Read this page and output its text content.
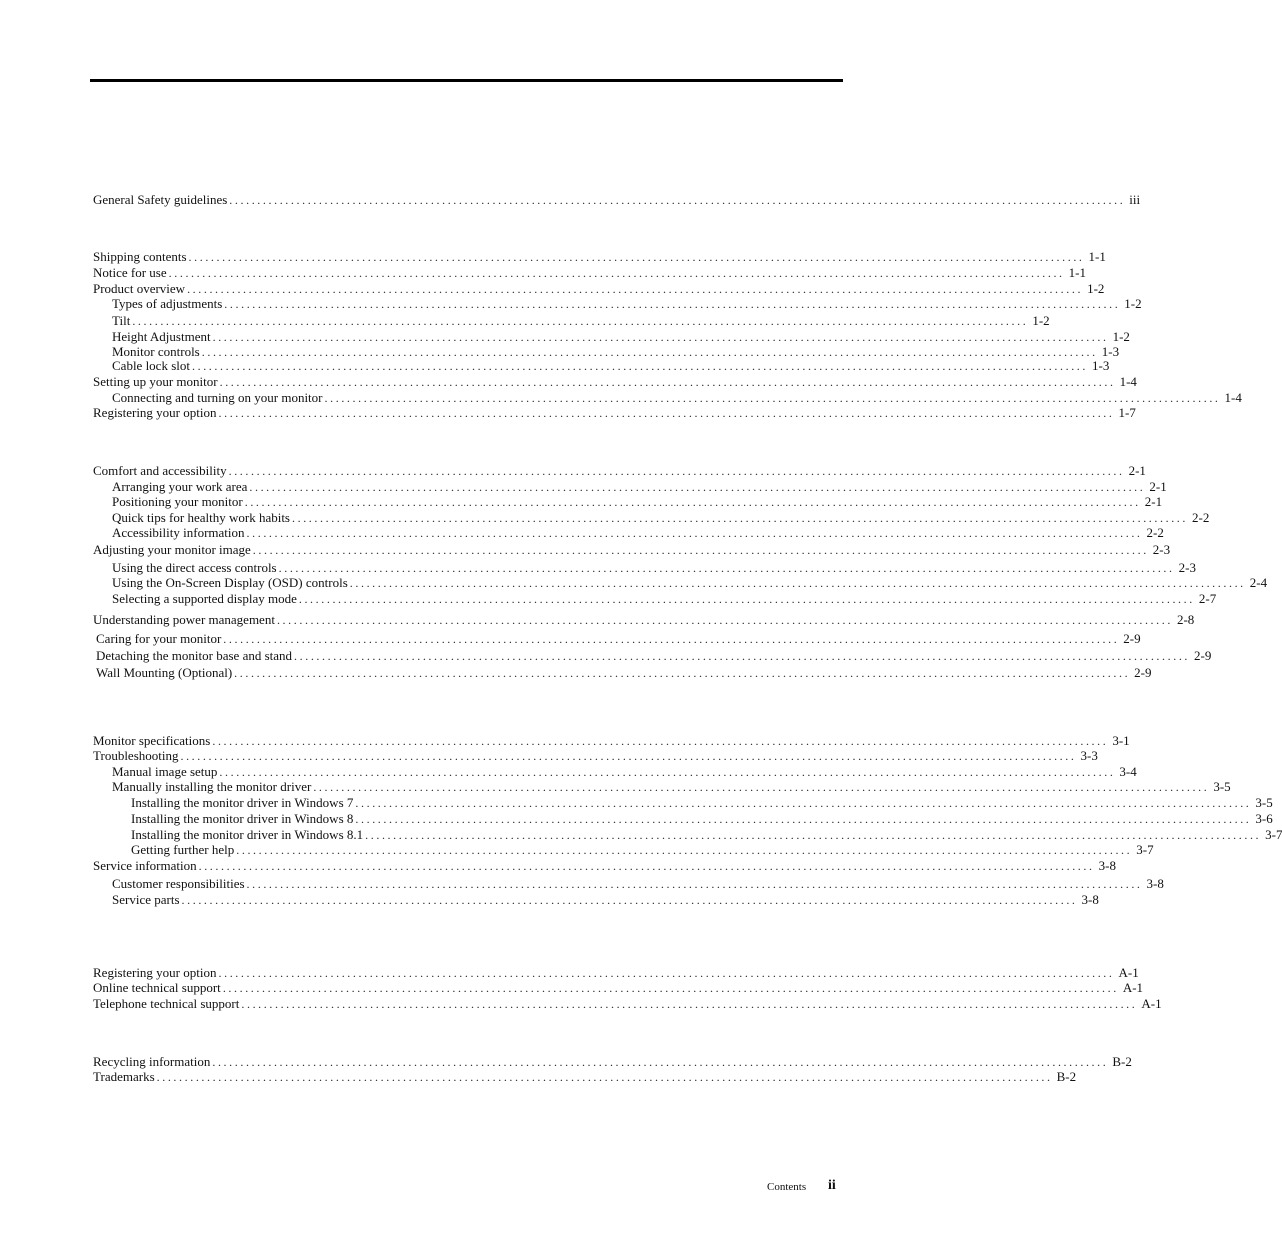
General Safety guidelines ................................................................................................................................................................ iii
Shipping contents ................................................................................................................................................................ 1-1
Notice for use ................................................................................................................................................................ 1-1
Product overview ................................................................................................................................................................ 1-2
Types of adjustments ................................................................................................................................................................ 1-2
Tilt ................................................................................................................................................................ 1-2
Height Adjustment ................................................................................................................................................................ 1-2
Monitor controls ................................................................................................................................................................ 1-3
Cable lock slot ................................................................................................................................................................ 1-3
Setting up your monitor ................................................................................................................................................................ 1-4
Connecting and turning on your monitor ................................................................................................................................................................ 1-4
Registering your option ................................................................................................................................................................ 1-7
Comfort and accessibility ................................................................................................................................................................ 2-1
Arranging your work area ................................................................................................................................................................ 2-1
Positioning your monitor ................................................................................................................................................................ 2-1
Quick tips for healthy work habits ................................................................................................................................................................ 2-2
Accessibility information ................................................................................................................................................................ 2-2
Adjusting your monitor image ................................................................................................................................................................ 2-3
Using the direct access controls ................................................................................................................................................................ 2-3
Using the On-Screen Display (OSD) controls ................................................................................................................................................................ 2-4
Selecting a supported display mode ................................................................................................................................................................ 2-7
Understanding power management ................................................................................................................................................................ 2-8
Caring for your monitor ................................................................................................................................................................ 2-9
Detaching the monitor base and stand ................................................................................................................................................................ 2-9
Wall Mounting (Optional) ................................................................................................................................................................ 2-9
Monitor specifications ................................................................................................................................................................ 3-1
Troubleshooting ................................................................................................................................................................ 3-3
Manual image setup ................................................................................................................................................................ 3-4
Manually installing the monitor driver ................................................................................................................................................................ 3-5
Installing the monitor driver in Windows 7 ................................................................................................................................................................ 3-5
Installing the monitor driver in Windows 8 ................................................................................................................................................................ 3-6
Installing the monitor driver in Windows 8.1 ................................................................................................................................................................ 3-7
Getting further help ................................................................................................................................................................ 3-7
Service information ................................................................................................................................................................ 3-8
Customer responsibilities ................................................................................................................................................................ 3-8
Service parts ................................................................................................................................................................ 3-8
Registering your option ................................................................................................................................................................ A-1
Online technical support ................................................................................................................................................................ A-1
Telephone technical support ................................................................................................................................................................ A-1
Recycling information ................................................................................................................................................................ B-2
Trademarks ................................................................................................................................................................ B-2
Contents ii
